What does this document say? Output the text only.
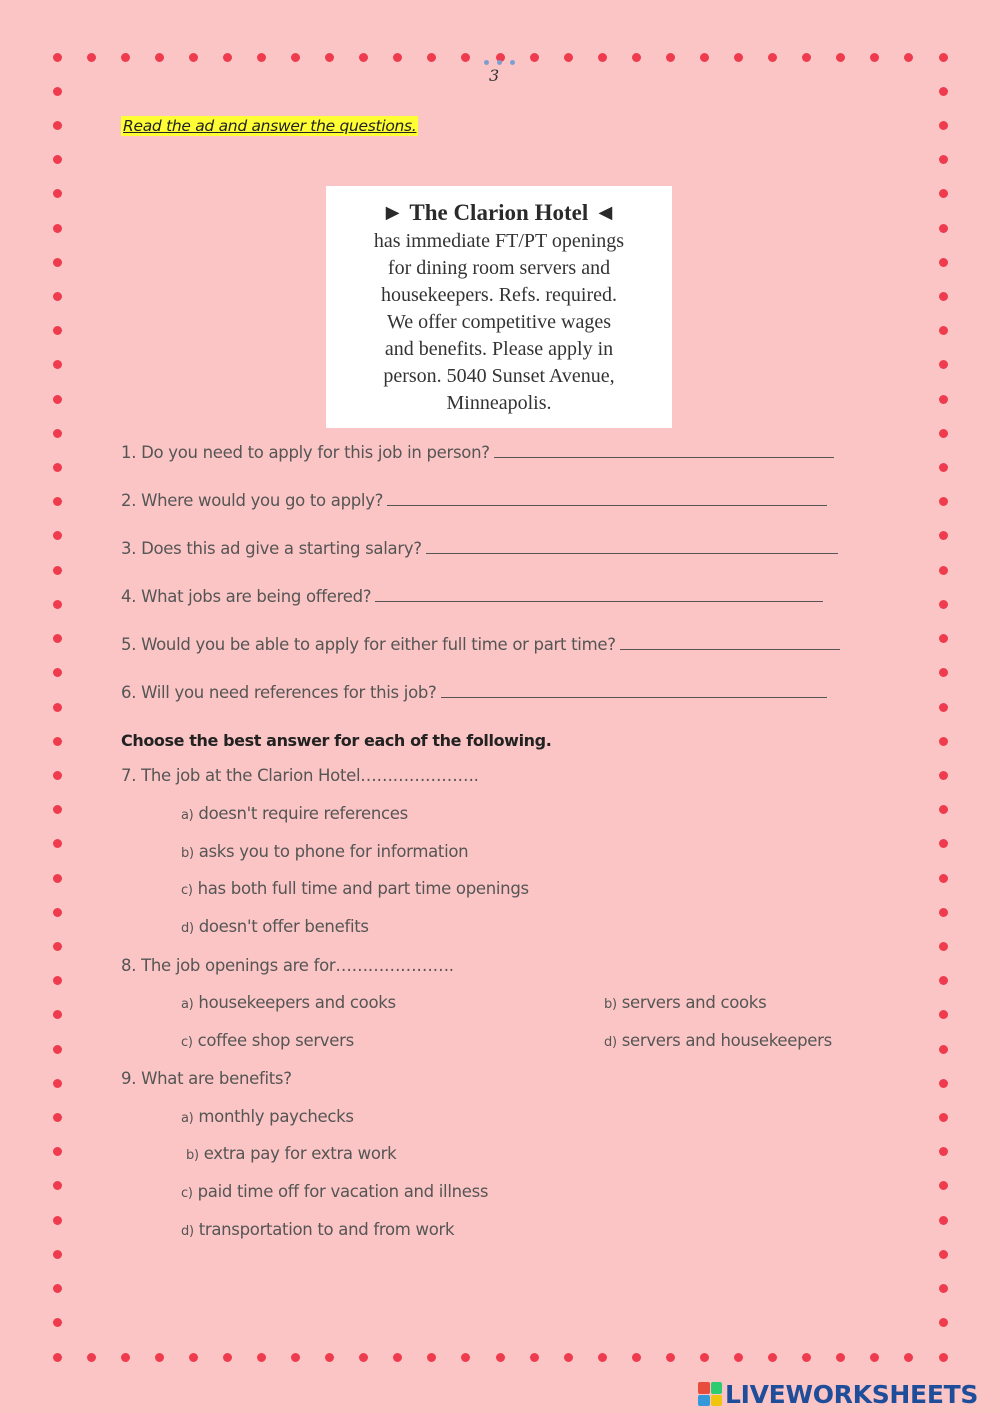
3
Read the ad and answer the questions.
► The Clarion Hotel ◄
has immediate FT/PT openings
for dining room servers and
housekeepers. Refs. required.
We offer competitive wages
and benefits. Please apply in
person. 5040 Sunset Avenue,
Minneapolis.
1. Do you need to apply for this job in person?
2. Where would you go to apply?
3. Does this ad give a starting salary?
4. What jobs are being offered?
5. Would you be able to apply for either full time or part time?
6. Will you need references for this job?
Choose the best answer for each of the following.
7. The job at the Clarion Hotel………………….
a) doesn't require references
b) asks you to phone for information
c) has both full time and part time openings
d) doesn't offer benefits
8. The job openings are for………………….
a) housekeepers and cooks	b) servers and cooks
c) coffee shop servers	d) servers and housekeepers
9. What are benefits?
a) monthly paychecks
b) extra pay for extra work
c) paid time off for vacation and illness
d) transportation to and from work
LIVEWORKSHEETS
